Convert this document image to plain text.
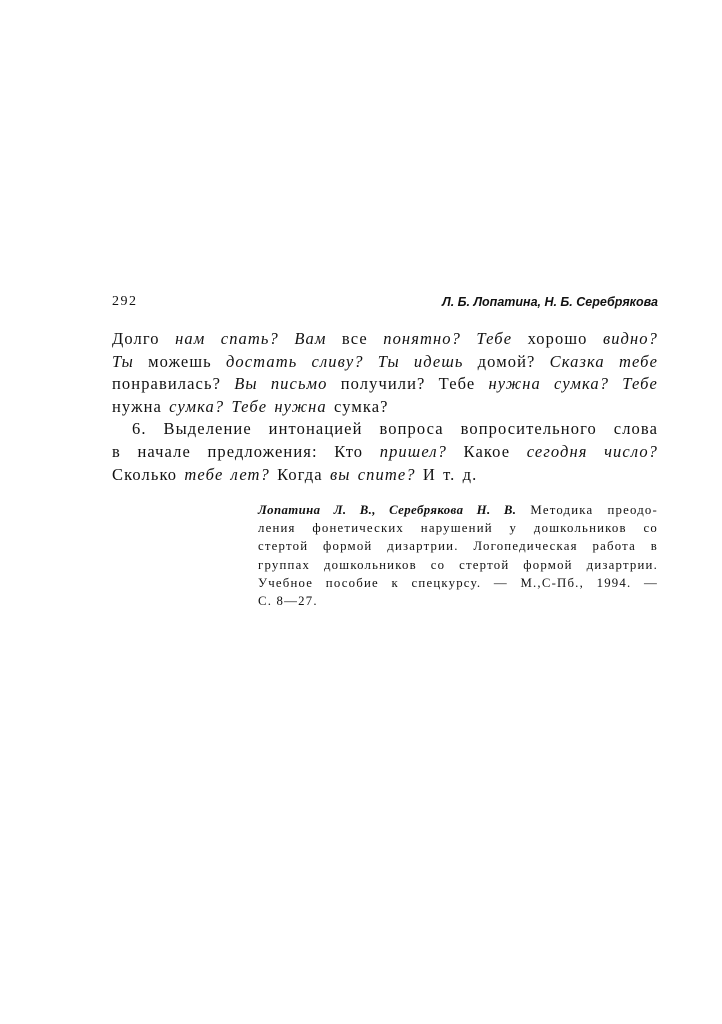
292	Л. Б. Лопатина, Н. Б. Серебрякова
Долго нам спать? Вам все понятно? Тебе хорошо видно?
Ты можешь достать сливу? Ты идешь домой? Сказка тебе
понравилась? Вы письмо получили? Тебе нужна сумка? Тебе
нужна сумка? Тебе нужна сумка?
6. Выделение интонацией вопроса вопросительного слова
в начале предложения: Кто пришел? Какое сегодня число?
Сколько тебе лет? Когда вы спите? И т. д.
Лопатина Л. В., Серебрякова Н. В. Методика преодо-
ления фонетических нарушений у дошкольников со
стертой формой дизартрии. Логопедическая работа в
группах дошкольников со стертой формой дизартрии.
Учебное пособие к спецкурсу. — М.,С-Пб., 1994. —
С. 8—27.
